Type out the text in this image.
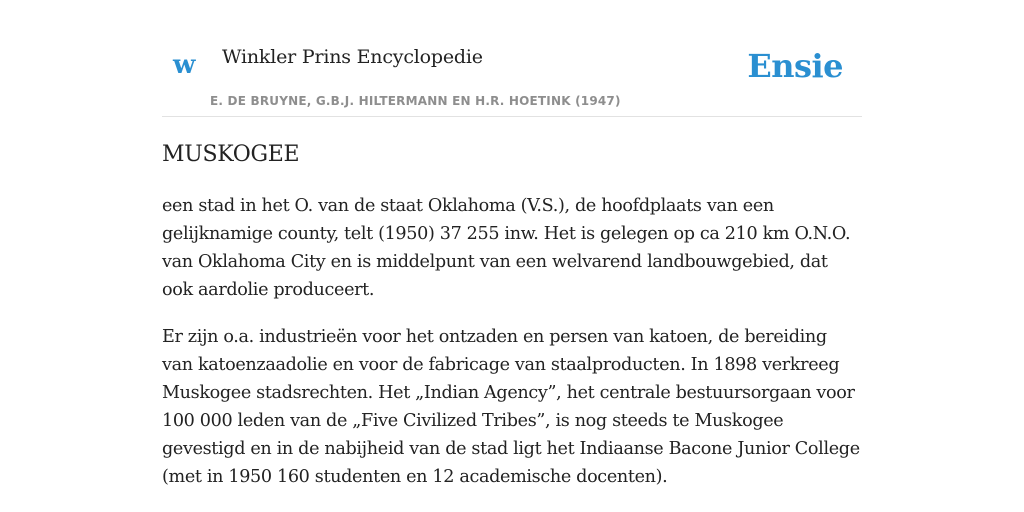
w Winkler Prins Encyclopedie
E. DE BRUYNE, G.B.J. HILTERMANN EN H.R. HOETINK (1947)
Ensie
MUSKOGEE

een stad in het O. van de staat Oklahoma (V.S.), de hoofdplaats van een gelijknamige county, telt (1950) 37 255 inw. Het is gelegen op ca 210 km O.N.O. van Oklahoma City en is middelpunt van een welvarend landbouwgebied, dat ook aardolie produceert.

Er zijn o.a. industrieën voor het ontzaden en persen van katoen, de bereiding van katoenzaadolie en voor de fabricage van staalproducten. In 1898 verkreeg Muskogee stadsrechten. Het „Indian Agency”, het centrale bestuursorgaan voor 100 000 leden van de „Five Civilized Tribes”, is nog steeds te Muskogee gevestigd en in de nabijheid van de stad ligt het Indiaanse Bacone Junior College (met in 1950 160 studenten en 12 academische docenten).
